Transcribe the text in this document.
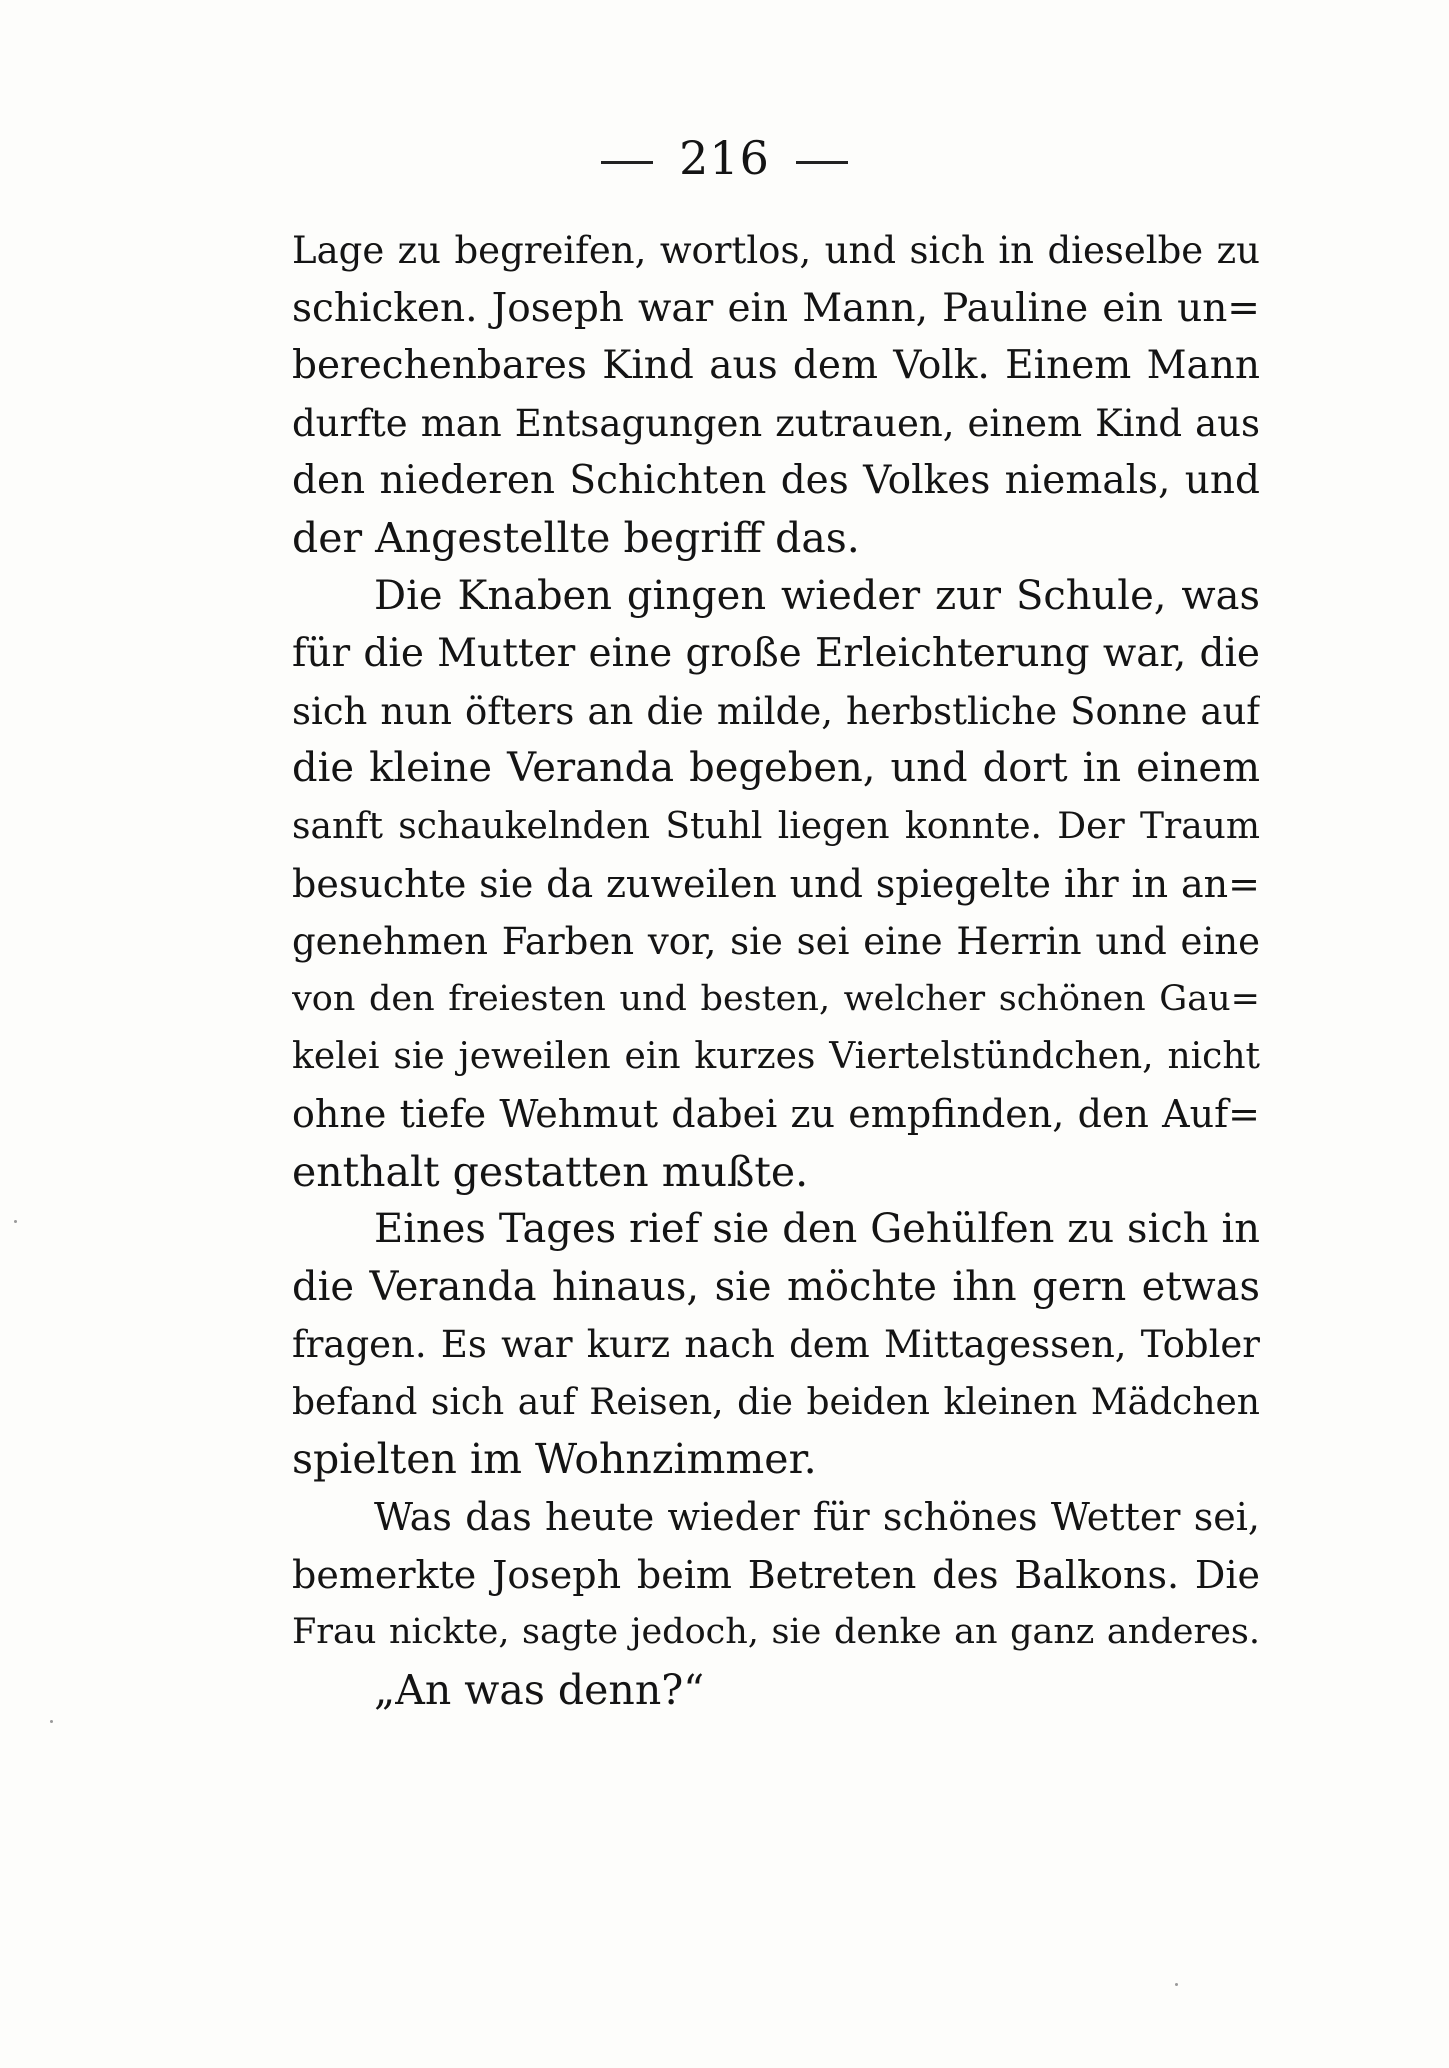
216
Lage zu begreifen, wortlos, und sich in dieselbe zu
schicken. Joseph war ein Mann, Pauline ein un=
berechenbares Kind aus dem Volk. Einem Mann
durfte man Entsagungen zutrauen, einem Kind aus
den niederen Schichten des Volkes niemals, und
der Angestellte begriff das.
Die Knaben gingen wieder zur Schule, was
für die Mutter eine große Erleichterung war, die
sich nun öfters an die milde, herbstliche Sonne auf
die kleine Veranda begeben, und dort in einem
sanft schaukelnden Stuhl liegen konnte. Der Traum
besuchte sie da zuweilen und spiegelte ihr in an=
genehmen Farben vor, sie sei eine Herrin und eine
von den freiesten und besten, welcher schönen Gau=
kelei sie jeweilen ein kurzes Viertelstündchen, nicht
ohne tiefe Wehmut dabei zu empfinden, den Auf=
enthalt gestatten mußte.
Eines Tages rief sie den Gehülfen zu sich in
die Veranda hinaus, sie möchte ihn gern etwas
fragen. Es war kurz nach dem Mittagessen, Tobler
befand sich auf Reisen, die beiden kleinen Mädchen
spielten im Wohnzimmer.
Was das heute wieder für schönes Wetter sei,
bemerkte Joseph beim Betreten des Balkons. Die
Frau nickte, sagte jedoch, sie denke an ganz anderes.
„An was denn?“
